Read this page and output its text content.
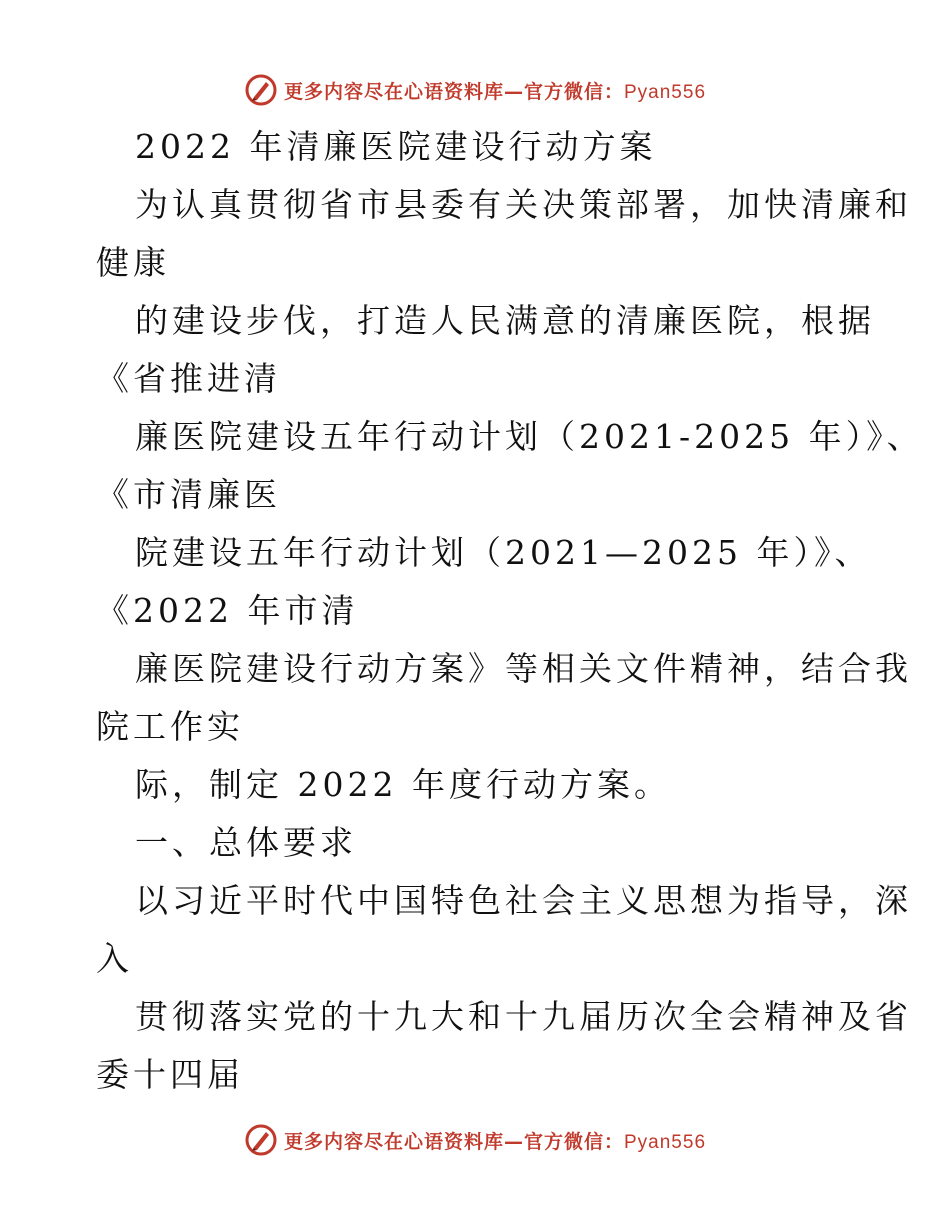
更多内容尽在心语资料库—官方微信：Pyan556
2022 年清廉医院建设行动方案
为认真贯彻省市县委有关决策部署，加快清廉和
健康
的建设步伐，打造人民满意的清廉医院，根据
《省推进清
廉医院建设五年行动计划（2021-2025 年）》、
《市清廉医
院建设五年行动计划（2021—2025 年）》、
《2022 年市清
廉医院建设行动方案》等相关文件精神，结合我
院工作实
际，制定 2022 年度行动方案。
一、总体要求
以习近平时代中国特色社会主义思想为指导，深
入
贯彻落实党的十九大和十九届历次全会精神及省
委十四届
更多内容尽在心语资料库—官方微信：Pyan556
